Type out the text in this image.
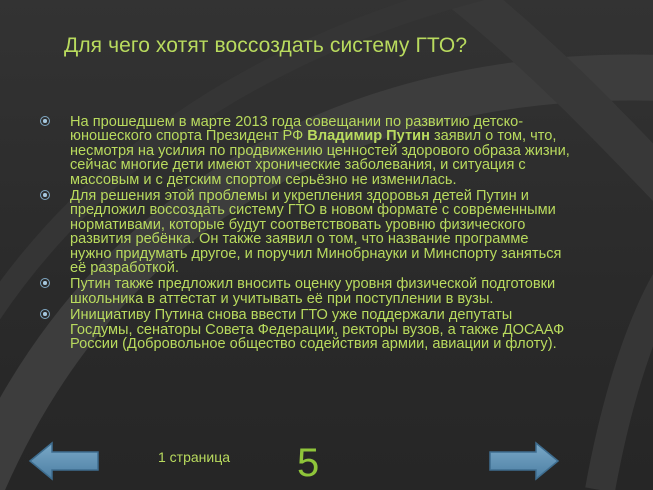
Для чего хотят воссоздать систему ГТО?

На прошедшем в марте 2013 года совещании по развитию детско-юношеского спорта Президент РФ Владимир Путин заявил о том, что, несмотря на усилия по продвижению ценностей здорового образа жизни, сейчас многие дети имеют хронические заболевания, и ситуация с массовым и с детским спортом серьёзно не изменилась.

Для решения этой проблемы и укрепления здоровья детей Путин и предложил воссоздать систему ГТО в новом формате с современными нормативами, которые будут соответствовать уровню физического развития ребёнка. Он также заявил о том, что название программе нужно придумать другое, и поручил Минобрнауки и Минспорту заняться её разработкой.

Путин также предложил вносить оценку уровня физической подготовки школьника в аттестат и учитывать её при поступлении в вузы.

Инициативу Путина снова ввести ГТО уже поддержали депутаты Госдумы, сенаторы Совета Федерации, ректоры вузов, а также ДОСААФ России (Добровольное общество содействия армии, авиации и флоту).

1 страница 5
